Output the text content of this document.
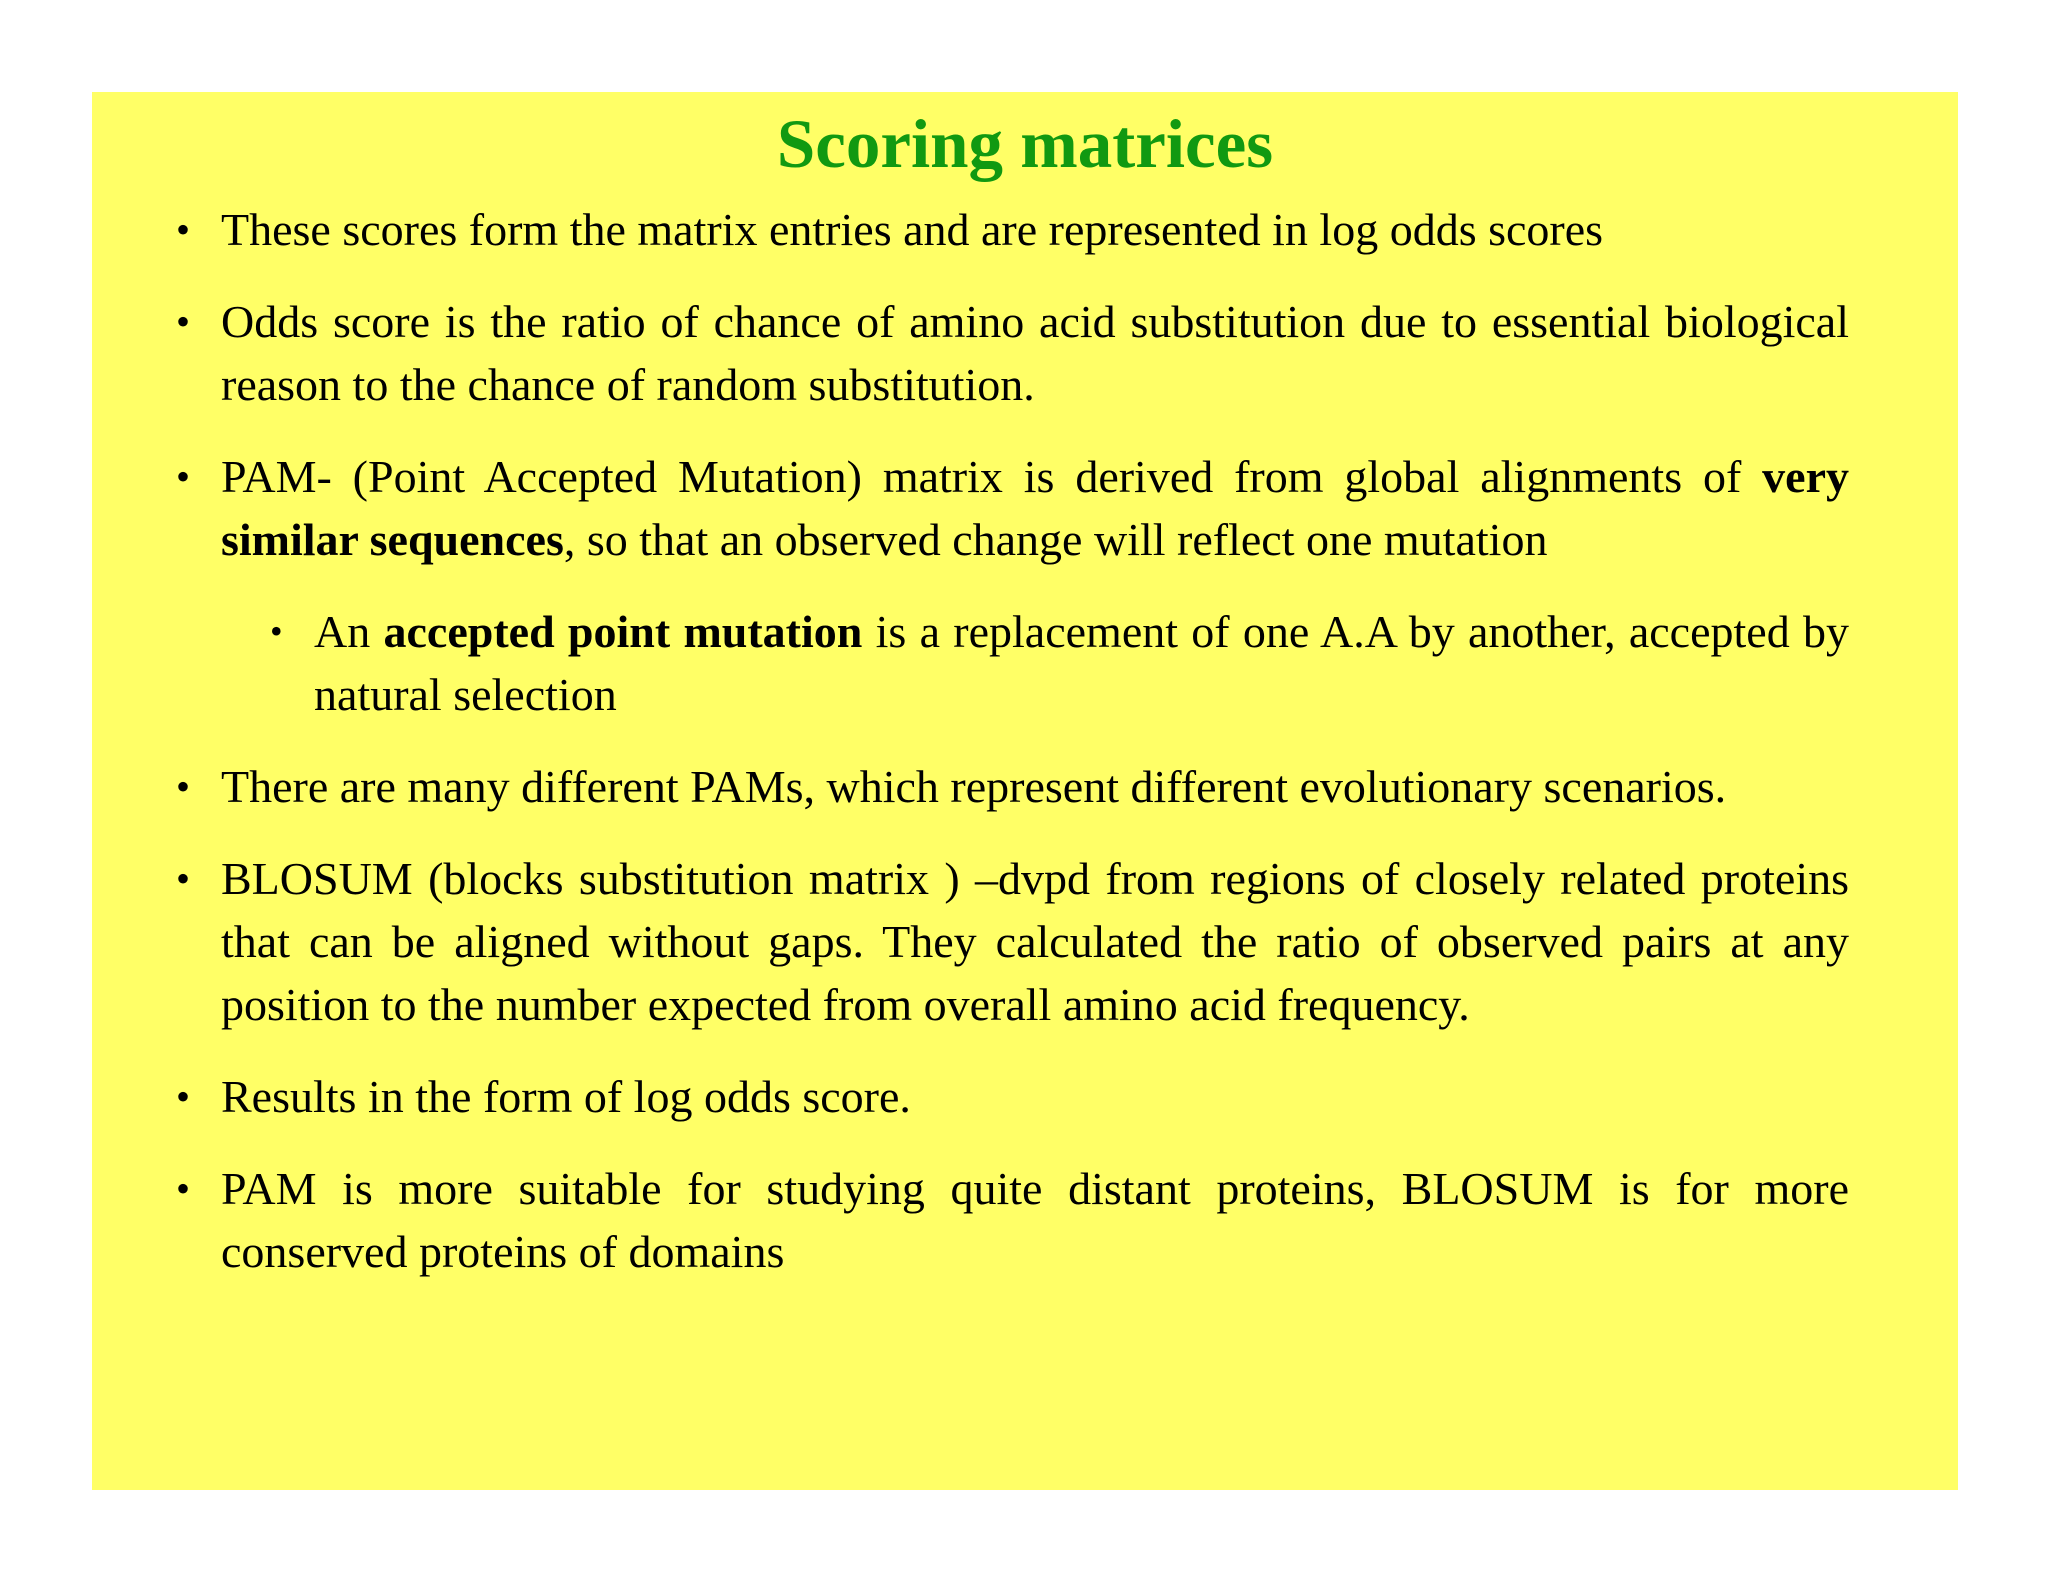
Scoring matrices
• These scores form the matrix entries and are represented in log odds scores
• Odds score is the ratio of chance of amino acid substitution due to essential biological reason to the chance of random substitution.
• PAM- (Point Accepted Mutation) matrix is derived from global alignments of very similar sequences, so that an observed change will reflect one mutation
• An accepted point mutation is a replacement of one A.A by another, accepted by natural selection
• There are many different PAMs, which represent different evolutionary scenarios.
• BLOSUM (blocks substitution matrix ) –dvpd from regions of closely related proteins that can be aligned without gaps. They calculated the ratio of observed pairs at any position to the number expected from overall amino acid frequency.
• Results in the form of log odds score.
• PAM is more suitable for studying quite distant proteins, BLOSUM is for more conserved proteins of domains
